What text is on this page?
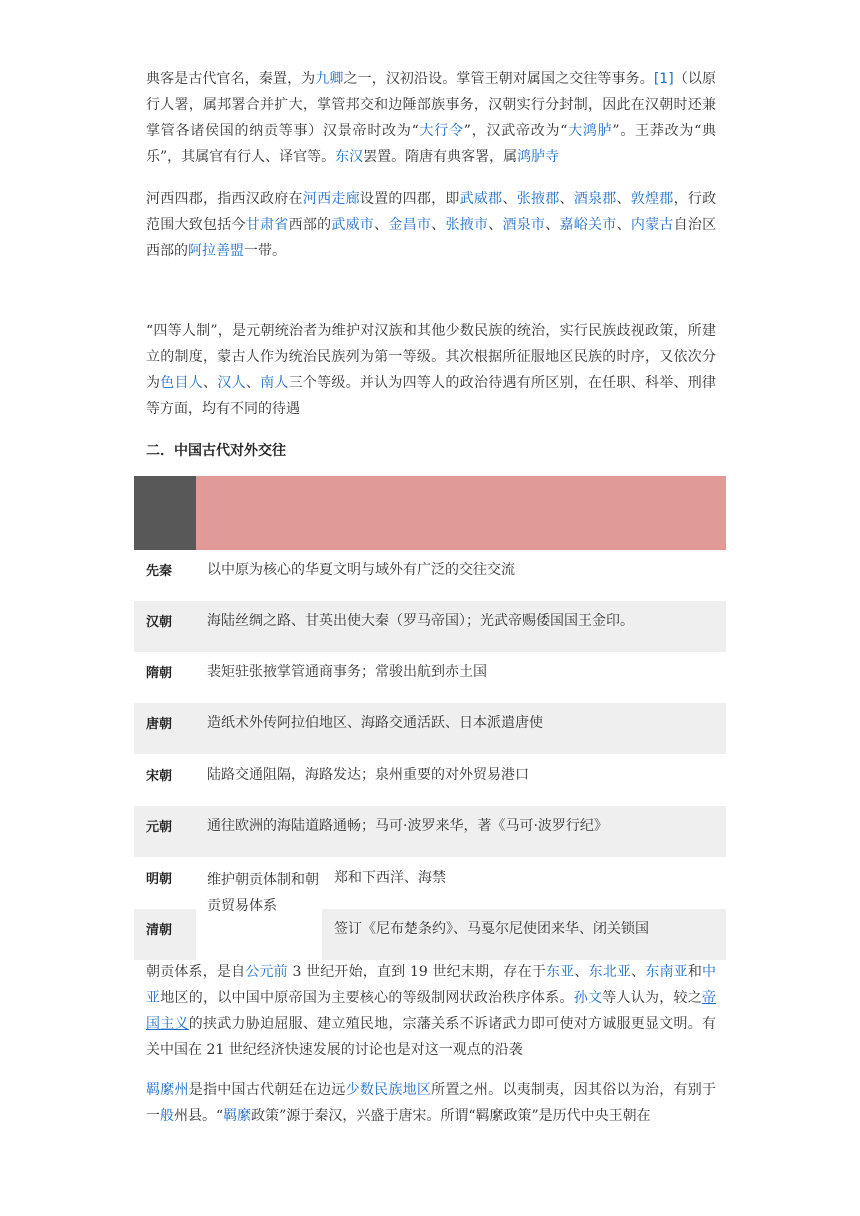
典客是古代官名，秦置，为九卿之一，汉初沿设。掌管王朝对属国之交往等事务。[1]（以原行人署，属邦署合并扩大，掌管邦交和边陲部族事务，汉朝实行分封制，因此在汉朝时还兼掌管各诸侯国的纳贡等事）汉景帝时改为“大行令”，汉武帝改为“大鸿胪”。王莽改为“典乐”，其属官有行人、译官等。东汉罢置。隋唐有典客署，属鸿胪寺

河西四郡，指西汉政府在河西走廊设置的四郡，即武威郡、张掖郡、酒泉郡、敦煌郡，行政范围大致包括今甘肃省西部的武威市、金昌市、张掖市、酒泉市、嘉峪关市、内蒙古自治区西部的阿拉善盟一带。

“四等人制”，是元朝统治者为维护对汉族和其他少数民族的统治，实行民族歧视政策，所建立的制度，蒙古人作为统治民族列为第一等级。其次根据所征服地区民族的时序，又依次分为色目人、汉人、南人三个等级。并认为四等人的政治待遇有所区别，在任职、科举、刑律等方面，均有不同的待遇

二．中国古代对外交往

先秦 以中原为核心的华夏文明与域外有广泛的交往交流
汉朝 海陆丝绸之路、甘英出使大秦（罗马帝国）；光武帝赐倭国国王金印。
隋朝 裴矩驻张掖掌管通商事务；常骏出航到赤土国
唐朝 造纸术外传阿拉伯地区、海路交通活跃、日本派遣唐使
宋朝 陆路交通阻隔，海路发达；泉州重要的对外贸易港口
元朝 通往欧洲的海陆道路通畅；马可·波罗来华，著《马可·波罗行纪》
明朝	郑和下西洋、海禁
清朝	签订《尼布楚条约》、马戛尔尼使团来华、闭关锁国
维护朝贡体制和朝贡贸易体系

朝贡体系，是自公元前 3 世纪开始，直到 19 世纪末期，存在于东亚、东北亚、东南亚和中亚地区的，以中国中原帝国为主要核心的等级制网状政治秩序体系。孙文等人认为，较之帝国主义的挟武力胁迫屈服、建立殖民地，宗藩关系不诉诸武力即可使对方诚服更显文明。有关中国在 21 世纪经济快速发展的讨论也是对这一观点的沿袭

羁縻州是指中国古代朝廷在边远少数民族地区所置之州。以夷制夷，因其俗以为治，有别于一般州县。“羁縻政策”源于秦汉，兴盛于唐宋。所谓“羁縻政策”是历代中央王朝在
